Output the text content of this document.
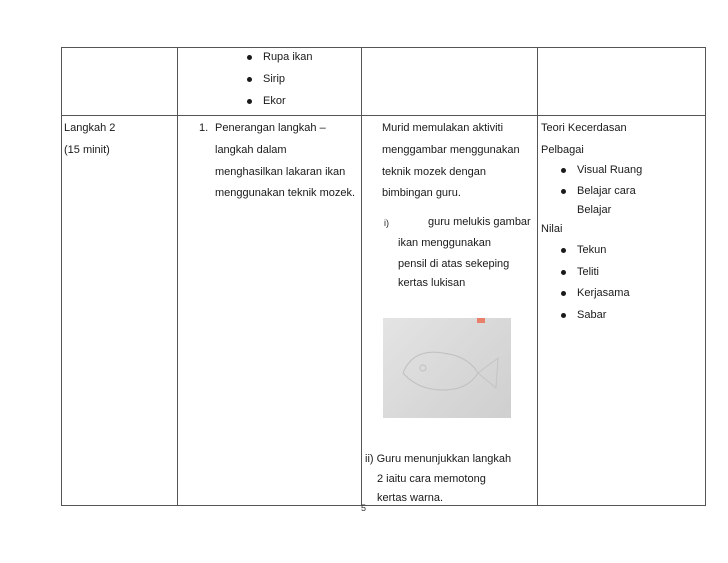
Rupa ikan
Sirip
Ekor
Langkah 2
(15 minit)
1. Penerangan langkah –
langkah dalam
menghasilkan lakaran ikan
menggunakan teknik mozek.
Murid memulakan aktiviti
menggambar menggunakan
teknik mozek dengan
bimbingan guru.
i)	guru melukis gambar
ikan menggunakan
pensil di atas sekeping
kertas lukisan
ii) Guru menunjukkan langkah
2 iaitu cara memotong
kertas warna.
Teori Kecerdasan
Pelbagai
Visual Ruang
Belajar cara
Belajar
Nilai
Tekun
Teliti
Kerjasama
Sabar
5
